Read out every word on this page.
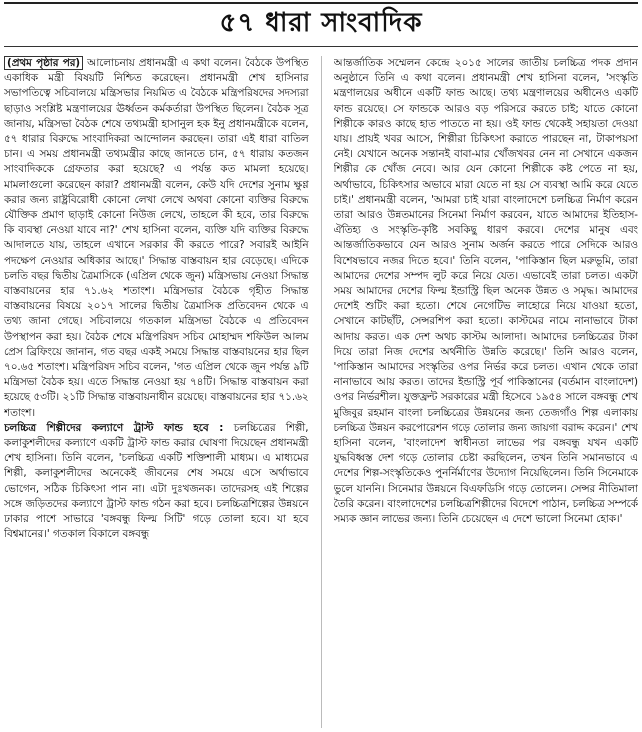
৫৭ ধারা সাংবাদিক

(প্রথম পৃষ্ঠার পর) আলোচনায় প্রধানমন্ত্রী এ কথা বলেন। বৈঠকে উপস্থিত একাধিক মন্ত্রী বিষয়টি নিশ্চিত করেছেন। প্রধানমন্ত্রী শেখ হাসিনার সভাপতিত্বে সচিবালয়ে মন্ত্রিসভার নিয়মিত এ বৈঠকে মন্ত্রিপরিষদের সদস্যরা ছাড়াও সংশ্লিষ্ট মন্ত্রণালয়ের ঊর্ধ্বতন কর্মকর্তারা উপস্থিত ছিলেন। বৈঠক সূত্র জানায়, মন্ত্রিসভা বৈঠক শেষে তথ্যমন্ত্রী হাসানুল হক ইনু প্রধানমন্ত্রীকে বলেন, ৫৭ ধারার বিরুদ্ধে সাংবাদিকরা আন্দোলন করছেন। তারা এই ধারা বাতিল চান। এ সময় প্রধানমন্ত্রী তথ্যমন্ত্রীর কাছে জানতে চান, ৫৭ ধারায় কতজন সাংবাদিককে গ্রেফতার করা হয়েছে? এ পর্যন্ত কত মামলা হয়েছে। মামলাগুলো করেছেন কারা? প্রধানমন্ত্রী বলেন, কেউ যদি দেশের সুনাম ক্ষুণ্ণ করার জন্য রাষ্ট্রবিরোধী কোনো লেখা লেখে অথবা কোনো ব্যক্তির বিরুদ্ধে যৌক্তিক প্রমাণ ছাড়াই কোনো নিউজ লেখে, তাহলে কী হবে, তার বিরুদ্ধে কি ব্যবস্থা নেওয়া যাবে না?' শেখ হাসিনা বলেন, ব্যক্তি যদি ব্যক্তির বিরুদ্ধে আদালতে যায়, তাহলে এখানে সরকার কী করতে পারে? সবারই আইনি পদক্ষেপ নেওয়ার অধিকার আছে।' সিদ্ধান্ত বাস্তবায়ন হার বেড়েছে। এদিকে চলতি বছর দ্বিতীয় ত্রৈমাসিকে (এপ্রিল থেকে জুন) মন্ত্রিসভায় নেওয়া সিদ্ধান্ত বাস্তবায়নের হার ৭১.৬২ শতাংশ। মন্ত্রিসভার বৈঠকে গৃহীত সিদ্ধান্ত বাস্তবায়নের বিষয়ে ২০১৭ সালের দ্বিতীয় ত্রৈমাসিক প্রতিবেদন থেকে এ তথ্য জানা গেছে। সচিবালয়ে গতকাল মন্ত্রিসভা বৈঠকে এ প্রতিবেদন উপস্থাপন করা হয়। বৈঠক শেষে মন্ত্রিপরিষদ সচিব মোহাম্মদ শফিউল আলম প্রেস ব্রিফিংয়ে জানান, গত বছর একই সময়ে সিদ্ধান্ত বাস্তবায়নের হার ছিল ৭০.৬৫ শতাংশ। মন্ত্রিপরিষদ সচিব বলেন, 'গত এপ্রিল থেকে জুন পর্যন্ত ৯টি মন্ত্রিসভা বৈঠক হয়। এতে সিদ্ধান্ত নেওয়া হয় ৭৪টি। সিদ্ধান্ত বাস্তবায়ন করা হয়েছে ৫৩টি। ২১টি সিদ্ধান্ত বাস্তবায়নাধীন রয়েছে। বাস্তবায়নের হার ৭১.৬২ শতাংশ।

চলচ্চিত্র শিল্পীদের কল্যাণে ট্রাস্ট ফান্ড হবে : চলচ্চিত্রের শিল্পী, কলাকুশলীদের কল্যাণে একটি ট্রাস্ট ফান্ড করার ঘোষণা দিয়েছেন প্রধানমন্ত্রী শেখ হাসিনা। তিনি বলেন, 'চলচ্চিত্র একটি শক্তিশালী মাধ্যম। এ মাধ্যমের শিল্পী, কলাকুশলীদের অনেকেই জীবনের শেষ সময়ে এসে অর্থাভাবে ভোগেন, সঠিক চিকিৎসা পান না। এটা দুঃখজনক। তাদেরসহ এই শিল্পের সঙ্গে জড়িতদের কল্যাণে ট্রাস্ট ফান্ড গঠন করা হবে। চলচ্চিত্রশিল্পের উন্নয়নে ঢাকার পাশে সাভারে 'বঙ্গবন্ধু ফিল্ম সিটি' গড়ে তোলা হবে। যা হবে বিশ্বমানের।' গতকাল বিকালে বঙ্গবন্ধু

আন্তর্জাতিক সম্মেলন কেন্দ্রে ২০১৫ সালের জাতীয় চলচ্চিত্র পদক প্রদান অনুষ্ঠানে তিনি এ কথা বলেন। প্রধানমন্ত্রী শেখ হাসিনা বলেন, 'সংস্কৃতি মন্ত্রণালয়ের অধীনে একটি ফান্ড আছে। তথ্য মন্ত্রণালয়ের অধীনেও একটি ফান্ড রয়েছে। সে ফান্ডকে আরও বড় পরিসরে করতে চাই; যাতে কোনো শিল্পীকে কারও কাছে হাত পাততে না হয়। ওই ফান্ড থেকেই সহায়তা দেওয়া যায়। প্রায়ই খবর আসে, শিল্পীরা চিকিৎসা করাতে পারছেন না, টাকাপয়সা নেই। যেখানে অনেক সন্তানই বাবা-মার খোঁজখবর নেন না সেখানে একজন শিল্পীর কে খোঁজ নেবে। আর যেন কোনো শিল্পীকে কষ্ট পেতে না হয়, অর্থাভাবে, চিকিৎসার অভাবে মারা যেতে না হয় সে ব্যবস্থা আমি করে যেতে চাই।' প্রধানমন্ত্রী বলেন, 'আমরা চাই যারা বাংলাদেশে চলচ্চিত্র নির্মাণ করেন তারা আরও উন্নতমানের সিনেমা নির্মাণ করবেন, যাতে আমাদের ইতিহাস-ঐতিহ্য ও সংস্কৃতি-কৃষ্টি সবকিছু ধারণ করবে। দেশের মানুষ এবং আন্তর্জাতিকভাবে যেন আরও সুনাম অর্জন করতে পারে সেদিকে আরও বিশেষভাবে নজর দিতে হবে।' তিনি বলেন, 'পাকিস্তান ছিল মরুভূমি, তারা আমাদের দেশের সম্পদ লুট করে নিয়ে যেত। এভাবেই তারা চলত। একটা সময় আমাদের দেশের ফিল্ম ইন্ডাস্ট্রি ছিল অনেক উন্নত ও সমৃদ্ধ। আমাদের দেশেই শুটিং করা হতো। শেষে নেগেটিভ লাহোরে নিয়ে যাওয়া হতো, সেখানে কাটছাঁট, সেন্সরশিপ করা হতো। কাস্টমের নামে নানাভাবে টাকা আদায় করত। এক দেশ অথচ কাস্টম আলাদা। আমাদের চলচ্চিত্রের টাকা দিয়ে তারা নিজ দেশের অর্থনীতি উন্নতি করেছে।' তিনি আরও বলেন, 'পাকিস্তান আমাদের সংস্কৃতির ওপর নির্ভর করে চলত। এখান থেকে তারা নানাভাবে আয় করত। তাদের ইন্ডাস্ট্রি পূর্ব পাকিস্তানের (বর্তমান বাংলাদেশ) ওপর নির্ভরশীল। যুক্তফ্রন্ট সরকারের মন্ত্রী হিসেবে ১৯৫৪ সালে বঙ্গবন্ধু শেখ মুজিবুর রহমান বাংলা চলচ্চিত্রের উন্নয়নের জন্য তেজগাঁও শিল্প এলাকায় চলচ্চিত্র উন্নয়ন করপোরেশন গড়ে তোলার জন্য জায়গা বরাদ্দ করেন।' শেখ হাসিনা বলেন, 'বাংলাদেশ স্বাধীনতা লাভের পর বঙ্গবন্ধু যখন একটি যুদ্ধবিধ্বস্ত দেশ গড়ে তোলার চেষ্টা করছিলেন, তখন তিনি সমানভাবে এ দেশের শিল্প-সংস্কৃতিকেও পুনর্নির্মাণের উদ্যোগ নিয়েছিলেন। তিনি সিনেমাকে ভুলে যাননি। সিনেমার উন্নয়নে বিএফডিসি গড়ে তোলেন। সেন্সর নীতিমালা তৈরি করেন। বাংলাদেশের চলচ্চিত্রশিল্পীদের বিদেশে পাঠান, চলচ্চিত্র সম্পর্কে সম্যক জ্ঞান লাভের জন্য। তিনি চেয়েছেন এ দেশে ভালো সিনেমা হোক।'
